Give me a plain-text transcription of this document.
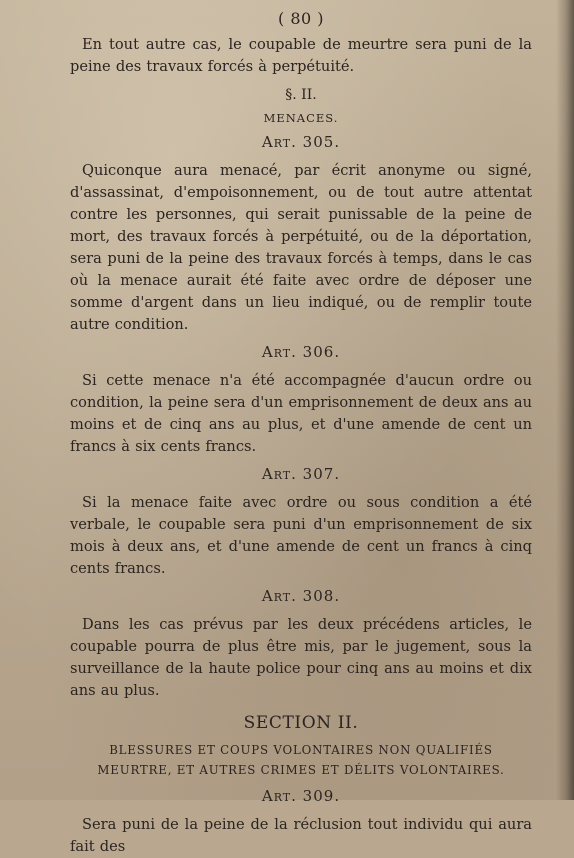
( 80 )

En tout autre cas, le coupable de meurtre sera puni de la peine des travaux forcés à perpétuité.

§. II.
MENACES.
Art. 305.

Quiconque aura menacé, par écrit anonyme ou signé, d'assassinat, d'empoisonnement, ou de tout autre attentat contre les personnes, qui serait punissable de la peine de mort, des travaux forcés à perpétuité, ou de la déportation, sera puni de la peine des travaux forcés à temps, dans le cas où la menace aurait été faite avec ordre de déposer une somme d'argent dans un lieu indiqué, ou de remplir toute autre condition.

Art. 306.

Si cette menace n'a été accompagnée d'aucun ordre ou condition, la peine sera d'un emprisonnement de deux ans au moins et de cinq ans au plus, et d'une amende de cent un francs à six cents francs.

Art. 307.

Si la menace faite avec ordre ou sous condition a été verbale, le coupable sera puni d'un emprisonnement de six mois à deux ans, et d'une amende de cent un francs à cinq cents francs.

Art. 308.

Dans les cas prévus par les deux précédens articles, le coupable pourra de plus être mis, par le jugement, sous la surveillance de la haute police pour cinq ans au moins et dix ans au plus.

SECTION II.
BLESSURES ET COUPS VOLONTAIRES NON QUALIFIÉS MEURTRE, ET AUTRES CRIMES ET DÉLITS VOLONTAIRES.
Art. 309.

Sera puni de la peine de la réclusion tout individu qui aura fait des
